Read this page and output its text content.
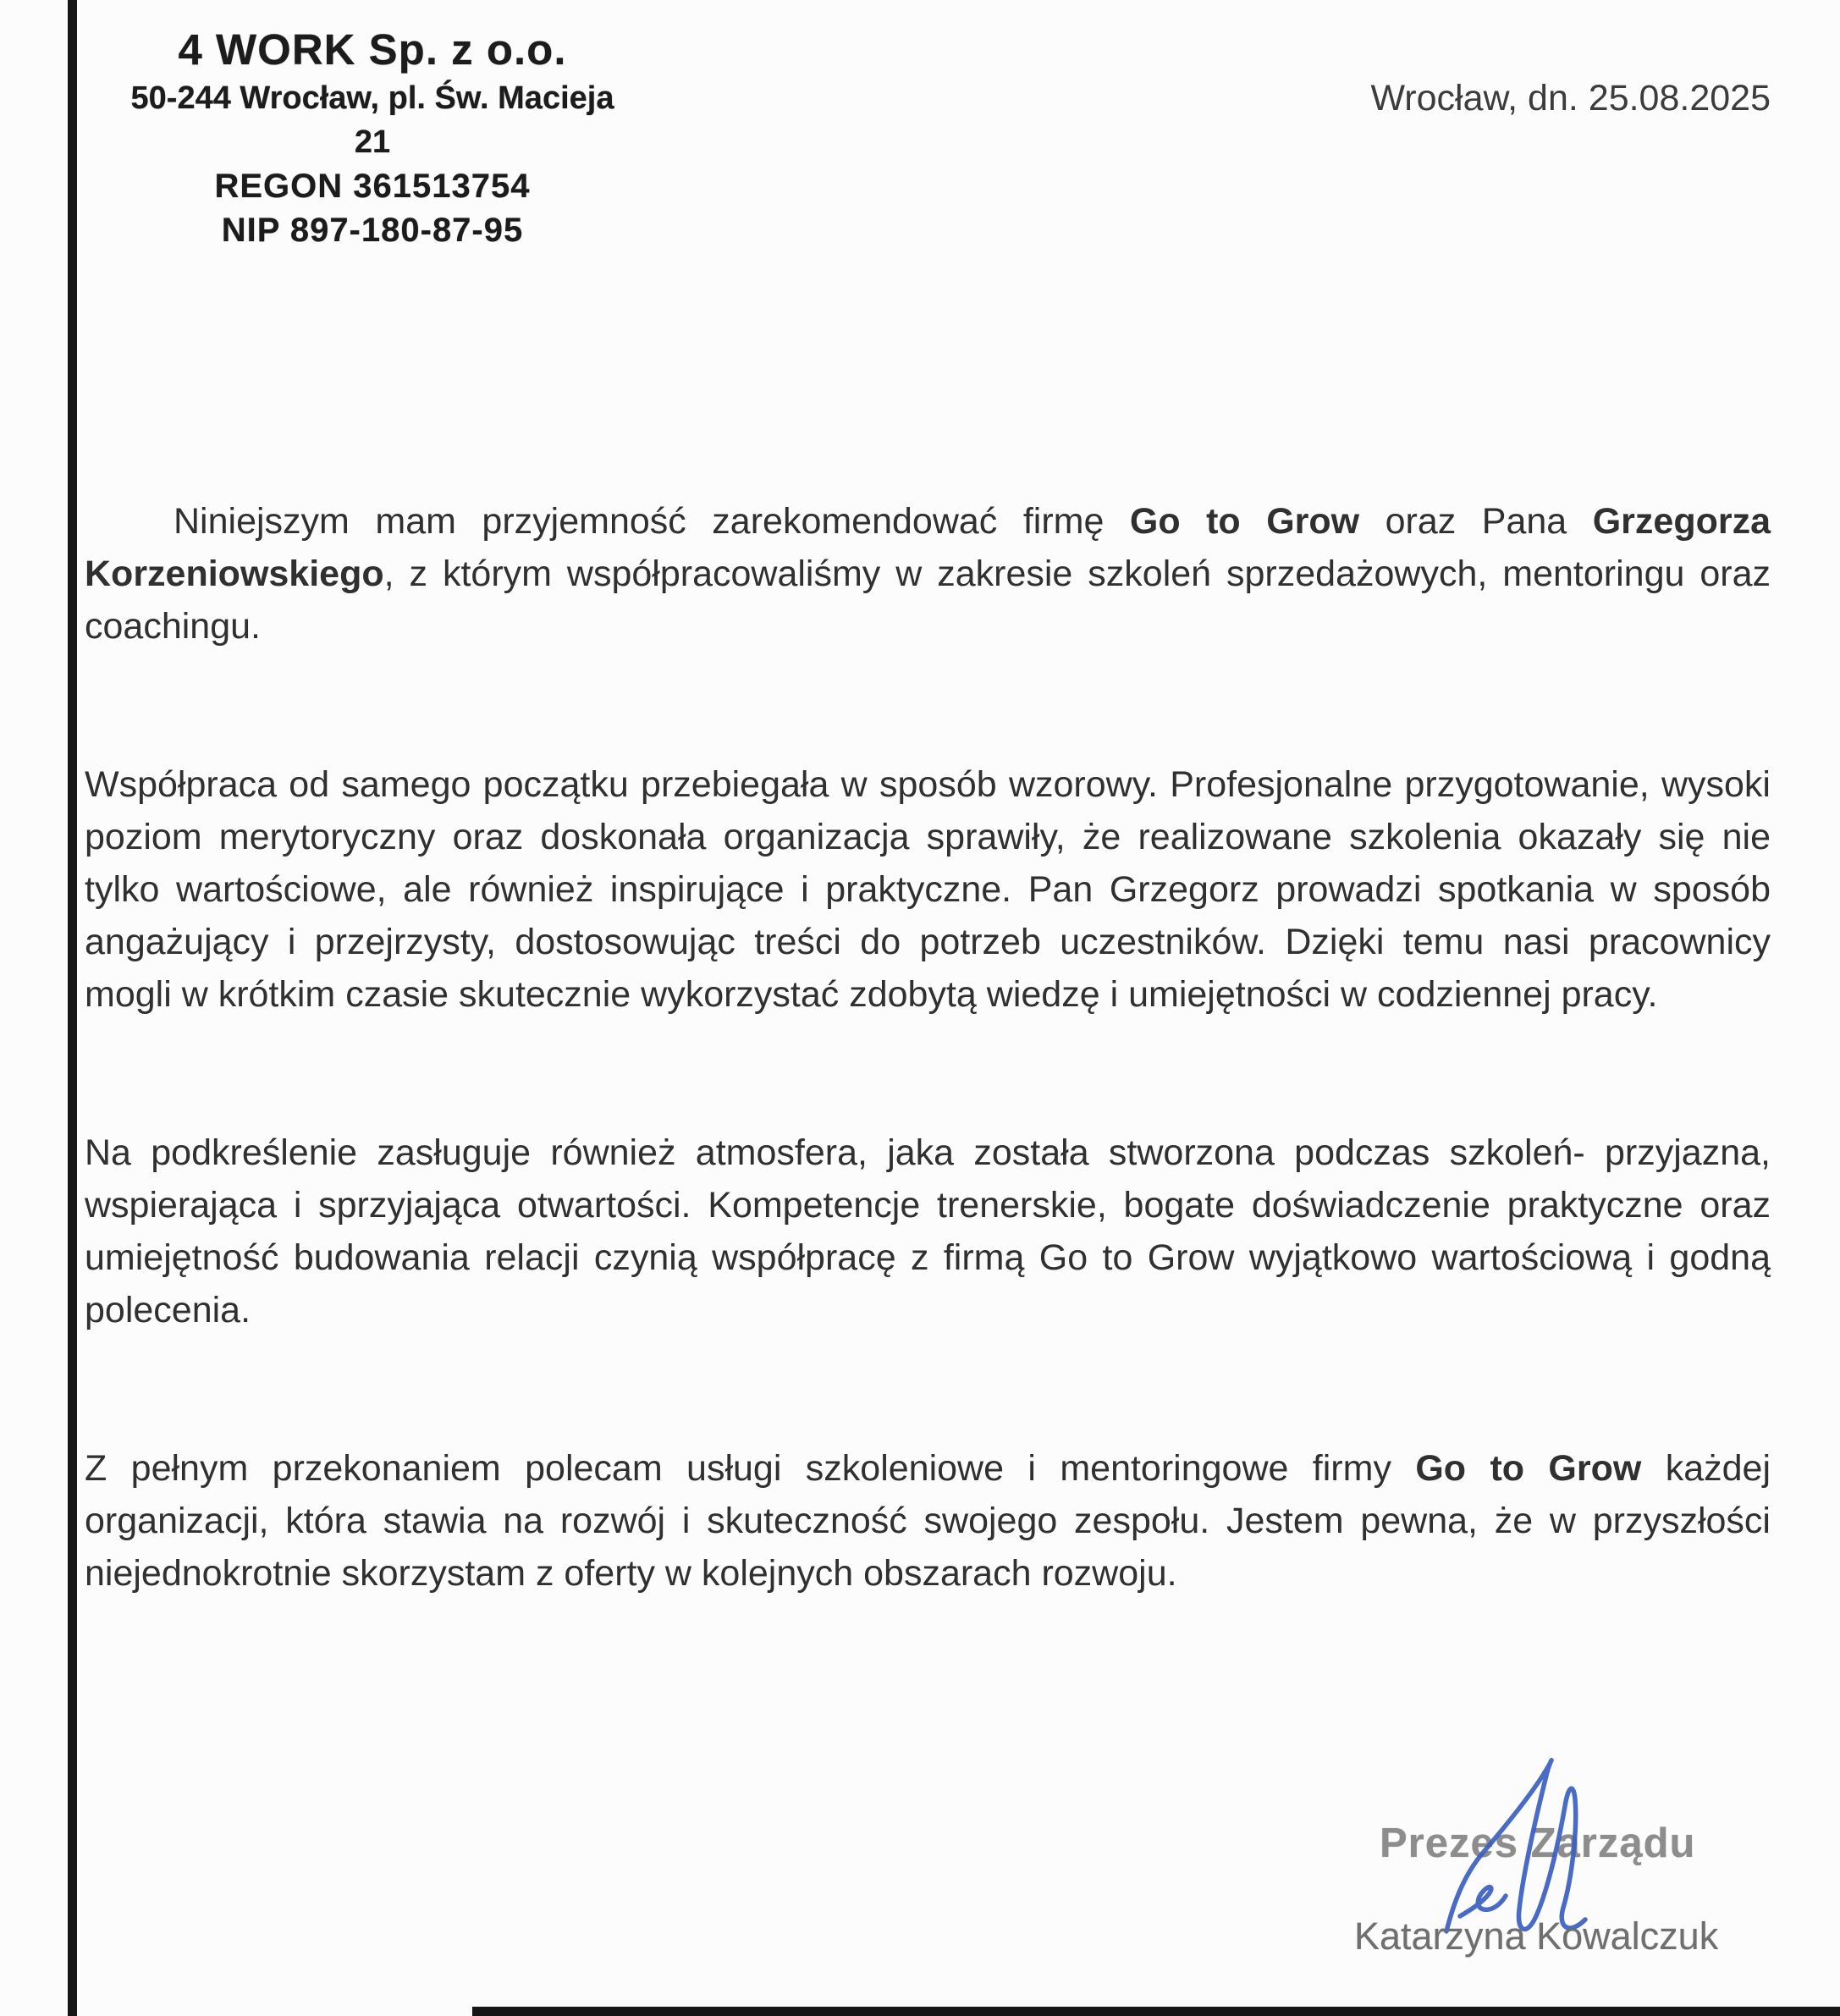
4 WORK Sp. z o.o.
50-244 Wrocław, pl. Św. Macieja 21
REGON 361513754
NIP 897-180-87-95
Wrocław, dn. 25.08.2025

Niniejszym mam przyjemność zarekomendować firmę Go to Grow oraz Pana Grzegorza Korzeniowskiego, z którym współpracowaliśmy w zakresie szkoleń sprzedażowych, mentoringu oraz coachingu.

Współpraca od samego początku przebiegała w sposób wzorowy. Profesjonalne przygotowanie, wysoki poziom merytoryczny oraz doskonała organizacja sprawiły, że realizowane szkolenia okazały się nie tylko wartościowe, ale również inspirujące i praktyczne. Pan Grzegorz prowadzi spotkania w sposób angażujący i przejrzysty, dostosowując treści do potrzeb uczestników. Dzięki temu nasi pracownicy mogli w krótkim czasie skutecznie wykorzystać zdobytą wiedzę i umiejętności w codziennej pracy.

Na podkreślenie zasługuje również atmosfera, jaka została stworzona podczas szkoleń- przyjazna, wspierająca i sprzyjająca otwartości. Kompetencje trenerskie, bogate doświadczenie praktyczne oraz umiejętność budowania relacji czynią współpracę z firmą Go to Grow wyjątkowo wartościową i godną polecenia.

Z pełnym przekonaniem polecam usługi szkoleniowe i mentoringowe firmy Go to Grow każdej organizacji, która stawia na rozwój i skuteczność swojego zespołu. Jestem pewna, że w przyszłości niejednokrotnie skorzystam z oferty w kolejnych obszarach rozwoju.

Prezes Zarządu
Katarzyna Kowalczuk
